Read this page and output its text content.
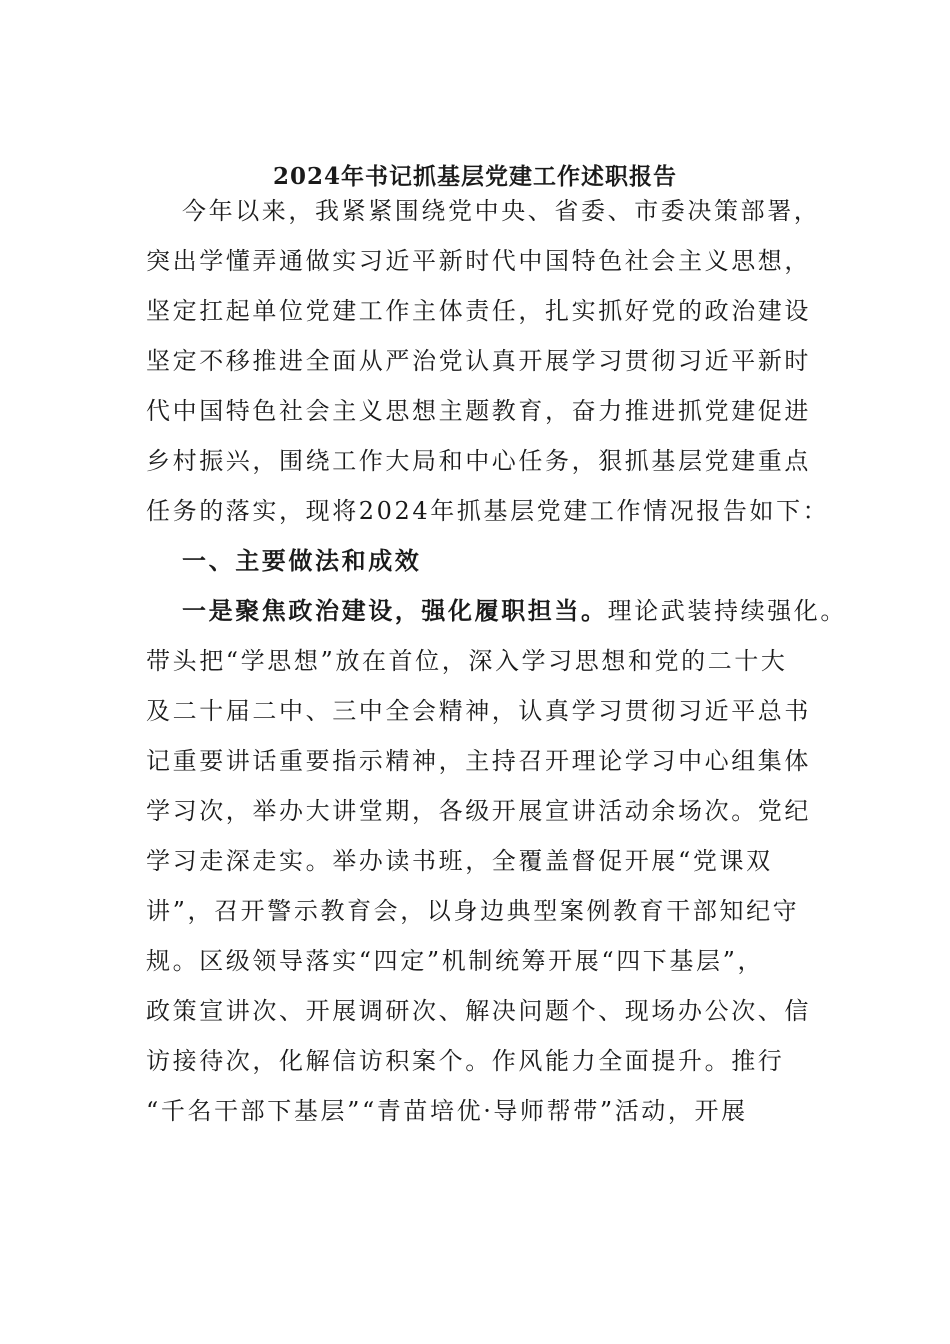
2024年书记抓基层党建工作述职报告
今年以来，我紧紧围绕党中央、省委、市委决策部署，
突出学懂弄通做实习近平新时代中国特色社会主义思想，
坚定扛起单位党建工作主体责任，扎实抓好党的政治建设
坚定不移推进全面从严治党认真开展学习贯彻习近平新时
代中国特色社会主义思想主题教育，奋力推进抓党建促进
乡村振兴，围绕工作大局和中心任务，狠抓基层党建重点
任务的落实，现将2024年抓基层党建工作情况报告如下：
一、主要做法和成效
一是聚焦政治建设，强化履职担当。理论武装持续强化。
带头把“学思想”放在首位，深入学习思想和党的二十大
及二十届二中、三中全会精神，认真学习贯彻习近平总书
记重要讲话重要指示精神，主持召开理论学习中心组集体
学习次，举办大讲堂期，各级开展宣讲活动余场次。党纪
学习走深走实。举办读书班，全覆盖督促开展“党课双
讲”，召开警示教育会，以身边典型案例教育干部知纪守
规。区级领导落实“四定”机制统筹开展“四下基层”，
政策宣讲次、开展调研次、解决问题个、现场办公次、信
访接待次，化解信访积案个。作风能力全面提升。推行
“千名干部下基层”“青苗培优·导师帮带”活动，开展
